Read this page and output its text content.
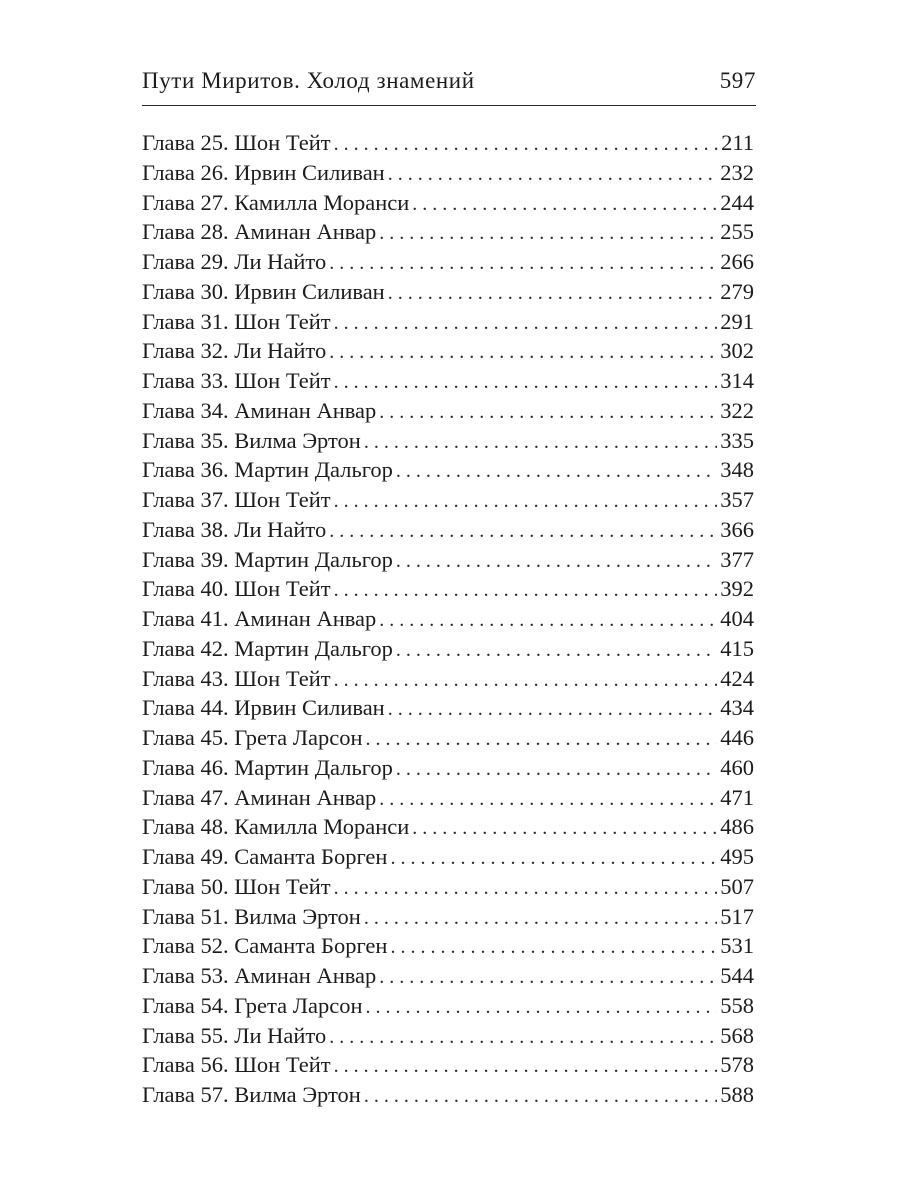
Пути Миритов. Холод знамений	597
Глава 25. Шон Тейт . . .	211
Глава 26. Ирвин Силиван . . .	232
Глава 27. Камилла Моранси . . .	244
Глава 28. Аминан Анвар . . .	255
Глава 29. Ли Найто . . .	266
Глава 30. Ирвин Силиван . . .	279
Глава 31. Шон Тейт . . .	291
Глава 32. Ли Найто . . .	302
Глава 33. Шон Тейт . . .	314
Глава 34. Аминан Анвар . . .	322
Глава 35. Вилма Эртон . . .	335
Глава 36. Мартин Дальгор . . .	348
Глава 37. Шон Тейт . . .	357
Глава 38. Ли Найто . . .	366
Глава 39. Мартин Дальгор . . .	377
Глава 40. Шон Тейт . . .	392
Глава 41. Аминан Анвар . . .	404
Глава 42. Мартин Дальгор . . .	415
Глава 43. Шон Тейт . . .	424
Глава 44. Ирвин Силиван . . .	434
Глава 45. Грета Ларсон . . .	446
Глава 46. Мартин Дальгор . . .	460
Глава 47. Аминан Анвар . . .	471
Глава 48. Камилла Моранси . . .	486
Глава 49. Саманта Борген . . .	495
Глава 50. Шон Тейт . . .	507
Глава 51. Вилма Эртон . . .	517
Глава 52. Саманта Борген . . .	531
Глава 53. Аминан Анвар . . .	544
Глава 54. Грета Ларсон . . .	558
Глава 55. Ли Найто . . .	568
Глава 56. Шон Тейт . . .	578
Глава 57. Вилма Эртон . . .	588
